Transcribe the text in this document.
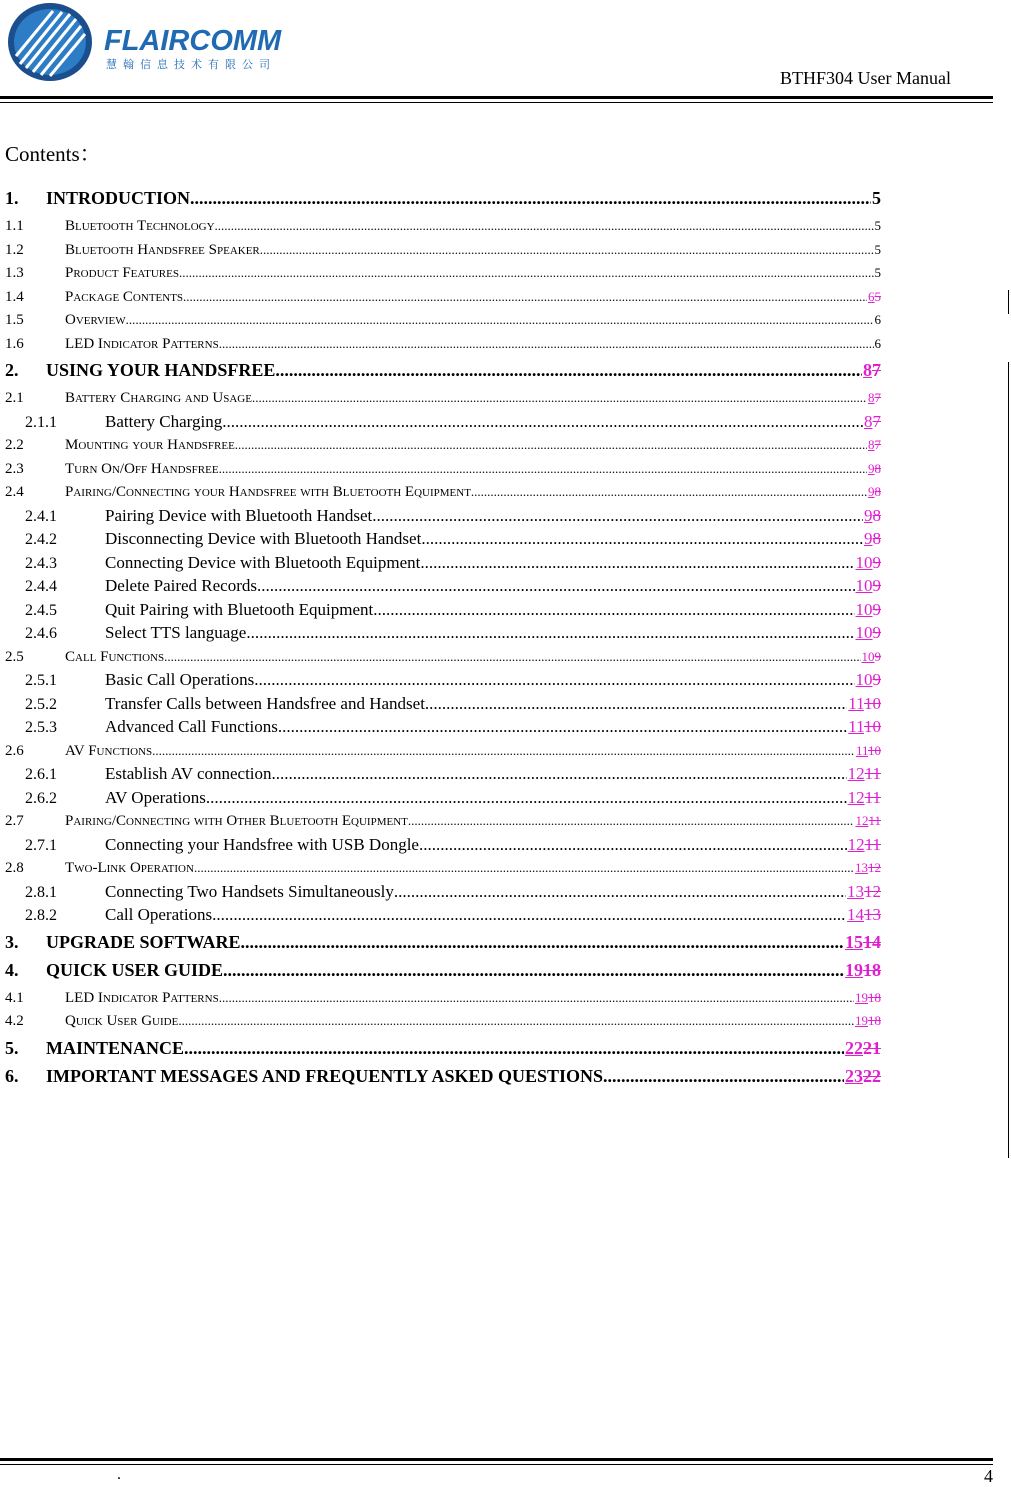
FLAIRCOMM
慧翰信息技术有限公司
BTHF304 User Manual
Contents：
1.	INTRODUCTION .....	5
1.1	Bluetooth Technology .....	5
1.2	Bluetooth Handsfree Speaker .....	5
1.3	Product Features .....	5
1.4	Package Contents .....	65
1.5	Overview .....	6
1.6	LED Indicator Patterns .....	6
2.	USING YOUR HANDSFREE .....	87
2.1	Battery Charging and Usage .....	87
2.1.1	Battery Charging .....	87
2.2	Mounting your Handsfree .....	87
2.3	Turn On/Off Handsfree .....	98
2.4	Pairing/Connecting your Handsfree with Bluetooth Equipment .....	98
2.4.1	Pairing Device with Bluetooth Handset .....	98
2.4.2	Disconnecting Device with Bluetooth Handset .....	98
2.4.3	Connecting Device with Bluetooth Equipment .....	109
2.4.4	Delete Paired Records .....	109
2.4.5	Quit Pairing with Bluetooth Equipment .....	109
2.4.6	Select TTS language .....	109
2.5	Call Functions .....	109
2.5.1	Basic Call Operations .....	109
2.5.2	Transfer Calls between Handsfree and Handset .....	1110
2.5.3	Advanced Call Functions .....	1110
2.6	AV Functions .....	1110
2.6.1	Establish AV connection .....	1211
2.6.2	AV Operations .....	1211
2.7	Pairing/Connecting with Other Bluetooth Equipment .....	1211
2.7.1	Connecting your Handsfree with USB Dongle .....	1211
2.8	Two-Link Operation .....	1312
2.8.1	Connecting Two Handsets Simultaneously .....	1312
2.8.2	Call Operations .....	1413
3.	UPGRADE SOFTWARE .....	1514
4.	QUICK USER GUIDE .....	1918
4.1	LED Indicator Patterns .....	1918
4.2	Quick User Guide .....	1918
5.	MAINTENANCE .....	2221
6.	IMPORTANT MESSAGES AND FREQUENTLY ASKED QUESTIONS .....	2322
.	4
